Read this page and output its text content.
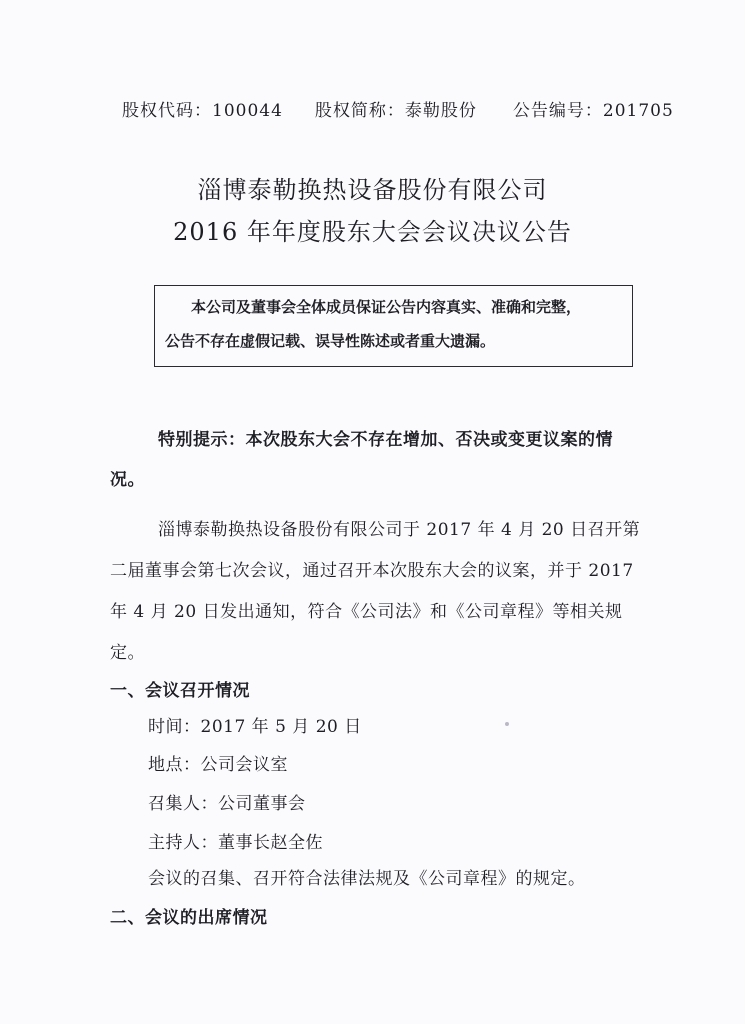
股权代码：100044 股权简称：泰勒股份 公告编号：201705
淄博泰勒换热设备股份有限公司
2016 年年度股东大会会议决议公告
本公司及董事会全体成员保证公告内容真实、准确和完整，
公告不存在虚假记载、误导性陈述或者重大遗漏。
特别提示：本次股东大会不存在增加、否决或变更议案的情
况。
淄博泰勒换热设备股份有限公司于 2017 年 4 月 20 日召开第
二届董事会第七次会议，通过召开本次股东大会的议案，并于 2017
年 4 月 20 日发出通知，符合《公司法》和《公司章程》等相关规
定。
一、会议召开情况
时间：2017 年 5 月 20 日
地点：公司会议室
召集人：公司董事会
主持人：董事长赵全佐
会议的召集、召开符合法律法规及《公司章程》的规定。
二、会议的出席情况
